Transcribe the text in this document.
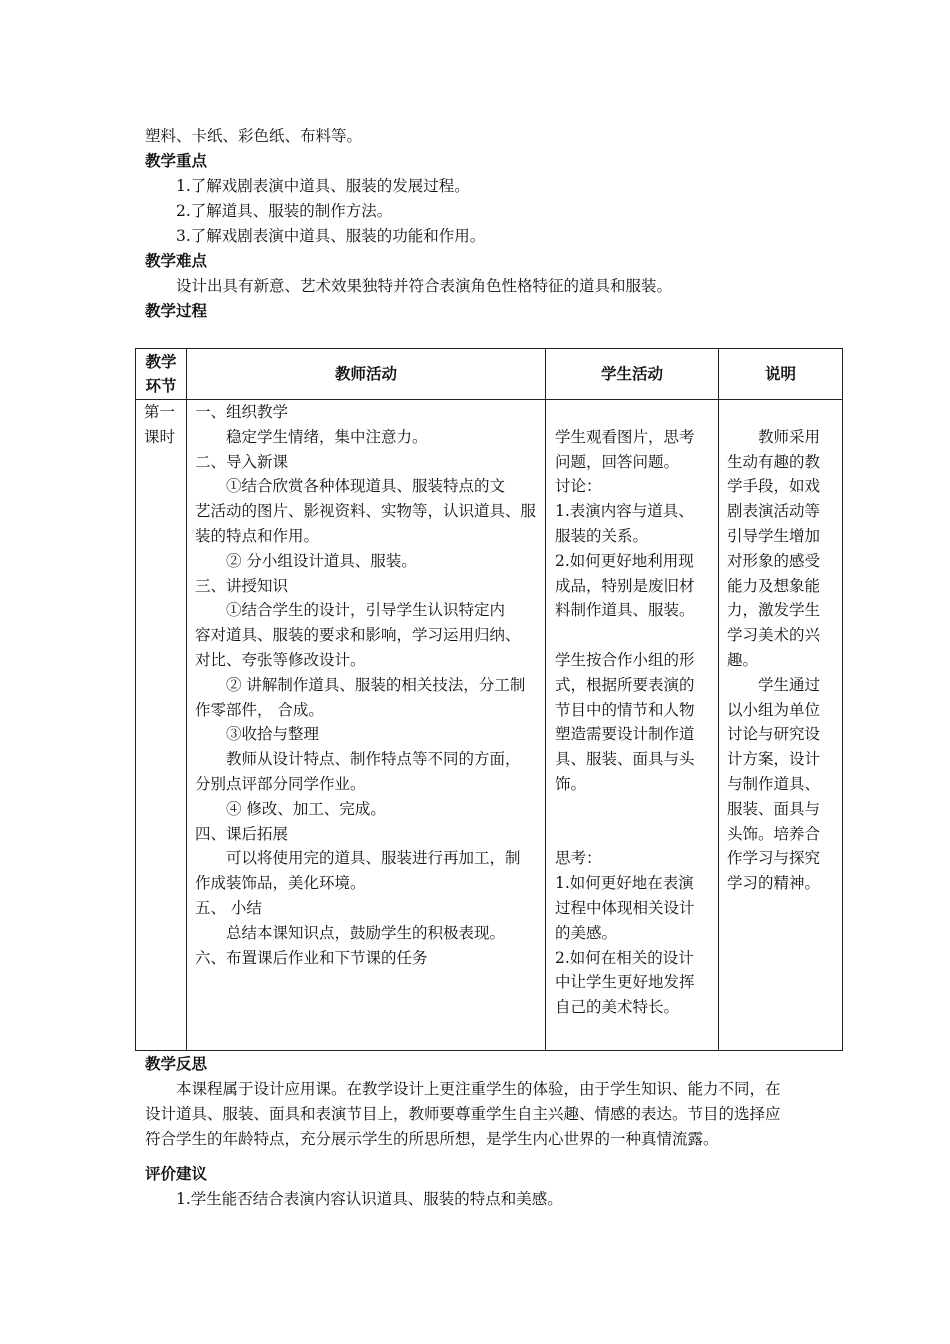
塑料、卡纸、彩色纸、布料等。
教学重点
1.了解戏剧表演中道具、服装的发展过程。
2.了解道具、服装的制作方法。
3.了解戏剧表演中道具、服装的功能和作用。
教学难点
设计出具有新意、艺术效果独特并符合表演角色性格特征的道具和服装。
教学过程
教学
环节
教师活动	学生活动	说明
第一
课时
一、组织教学
　　稳定学生情绪，集中注意力。
二、导入新课
　　①结合欣赏各种体现道具、服装特点的文
艺活动的图片、影视资料、实物等，认识道具、服
装的特点和作用。
　　② 分小组设计道具、服装。
三、讲授知识
　　①结合学生的设计，引导学生认识特定内
容对道具、服装的要求和影响，学习运用归纳、
对比、夸张等修改设计。
　　② 讲解制作道具、服装的相关技法，分工制
作零部件， 合成。
　　③收拾与整理
　　教师从设计特点、制作特点等不同的方面，
分别点评部分同学作业。
　　④ 修改、加工、完成。
四、课后拓展
　　可以将使用完的道具、服装进行再加工，制
作成装饰品，美化环境。
五、 小结
　　总结本课知识点，鼓励学生的积极表现。
六、布置课后作业和下节课的任务
学生观看图片，思考
问题，回答问题。
讨论：
1.表演内容与道具、
服装的关系。
2.如何更好地利用现
成品，特别是废旧材
料制作道具、服装。
学生按合作小组的形
式，根据所要表演的
节目中的情节和人物
塑造需要设计制作道
具、服装、面具与头
饰。
思考：
1.如何更好地在表演
过程中体现相关设计
的美感。
2.如何在相关的设计
中让学生更好地发挥
自己的美术特长。
　　教师采用
生动有趣的教
学手段，如戏
剧表演活动等
引导学生增加
对形象的感受
能力及想象能
力，激发学生
学习美术的兴
趣。
　　学生通过
以小组为单位
讨论与研究设
计方案，设计
与制作道具、
服装、面具与
头饰。培养合
作学习与探究
学习的精神。
教学反思
本课程属于设计应用课。在教学设计上更注重学生的体验，由于学生知识、能力不同，在
设计道具、服装、面具和表演节目上，教师要尊重学生自主兴趣、情感的表达。节目的选择应
符合学生的年龄特点，充分展示学生的所思所想，是学生内心世界的一种真情流露。
评价建议
1.学生能否结合表演内容认识道具、服装的特点和美感。
